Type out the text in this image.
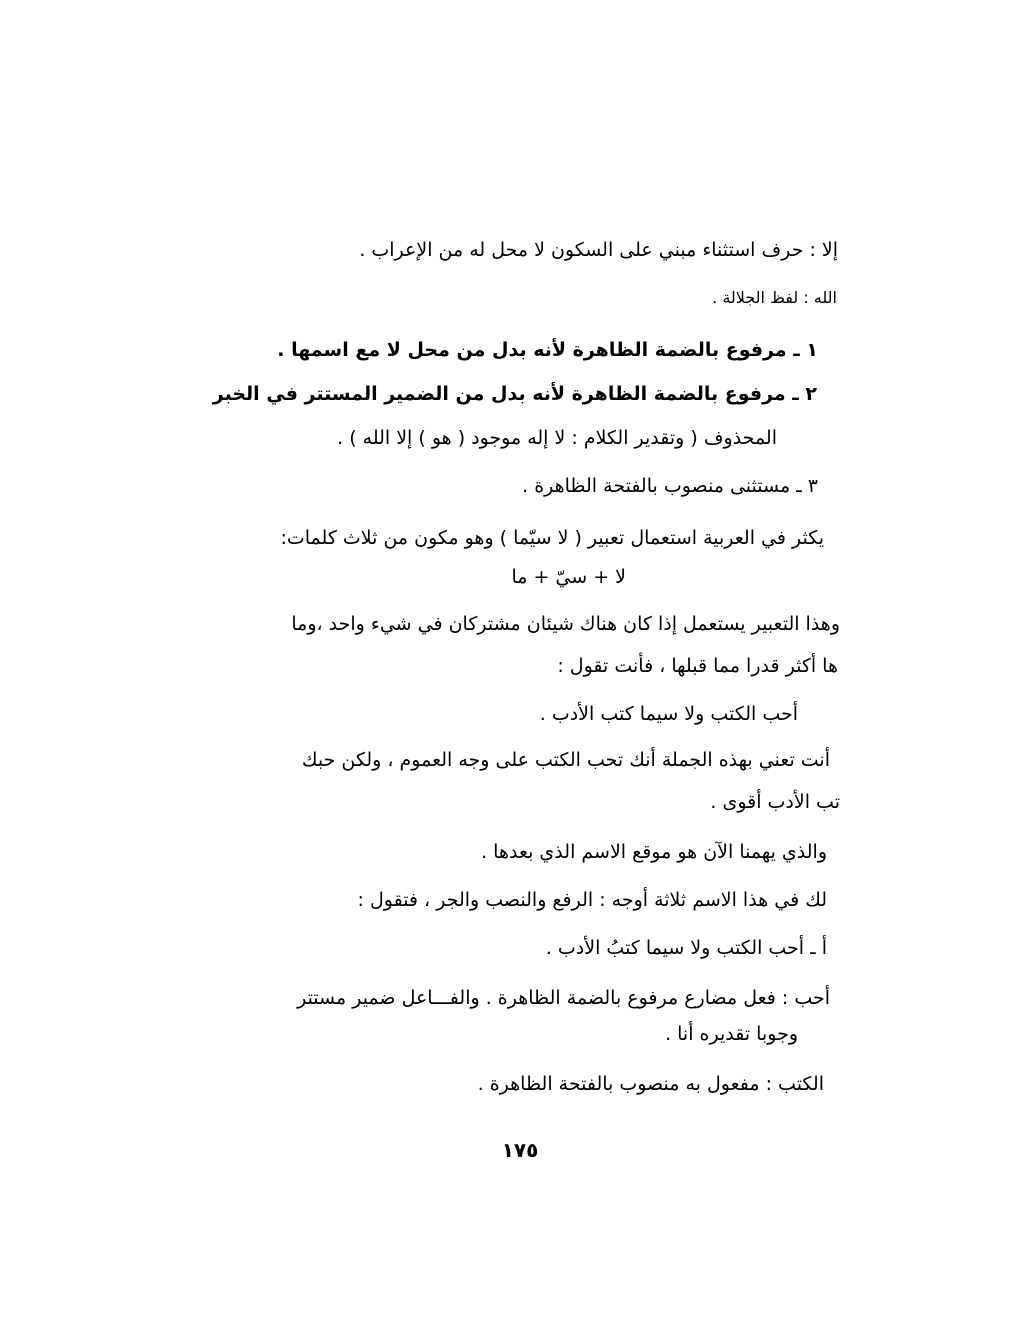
إلا : حرف استثناء مبني على السكون لا محل له من الإعراب .
الله : لفظ الجلالة .
١ ـ مرفوع بالضمة الظاهرة لأنه بدل من محل لا مع اسمها .
٢ ـ مرفوع بالضمة الظاهرة لأنه بدل من الضمير المستتر في الخبر
المحذوف ( وتقدير الكلام : لا إله موجود ( هو ) إلا الله ) .
٣ ـ مستثنى منصوب بالفتحة الظاهرة .
يكثر في العربية استعمال تعبير ( لا سيّما ) وهو مكون من ثلاث كلمات:
لا + سيّ + ما
وهذا التعبير يستعمل إذا كان هناك شيئان مشتركان في شيء واحد ،وما
ها أكثر قدرا مما قبلها ، فأنت تقول :
أحب الكتب ولا سيما كتب الأدب .
أنت تعني بهذه الجملة أنك تحب الكتب على وجه العموم ، ولكن حبك
تب الأدب أقوى .
والذي يهمنا الآن هو موقع الاسم الذي بعدها .
لك في هذا الاسم ثلاثة أوجه : الرفع والنصب والجر ، فتقول :
أ ـ أحب الكتب ولا سيما كتبُ الأدب .
أحب : فعل مضارع مرفوع بالضمة الظاهرة . والفـــاعل ضمير مستتر
وجوبا تقديره أنا .
الكتب : مفعول به منصوب بالفتحة الظاهرة .
١٧٥
